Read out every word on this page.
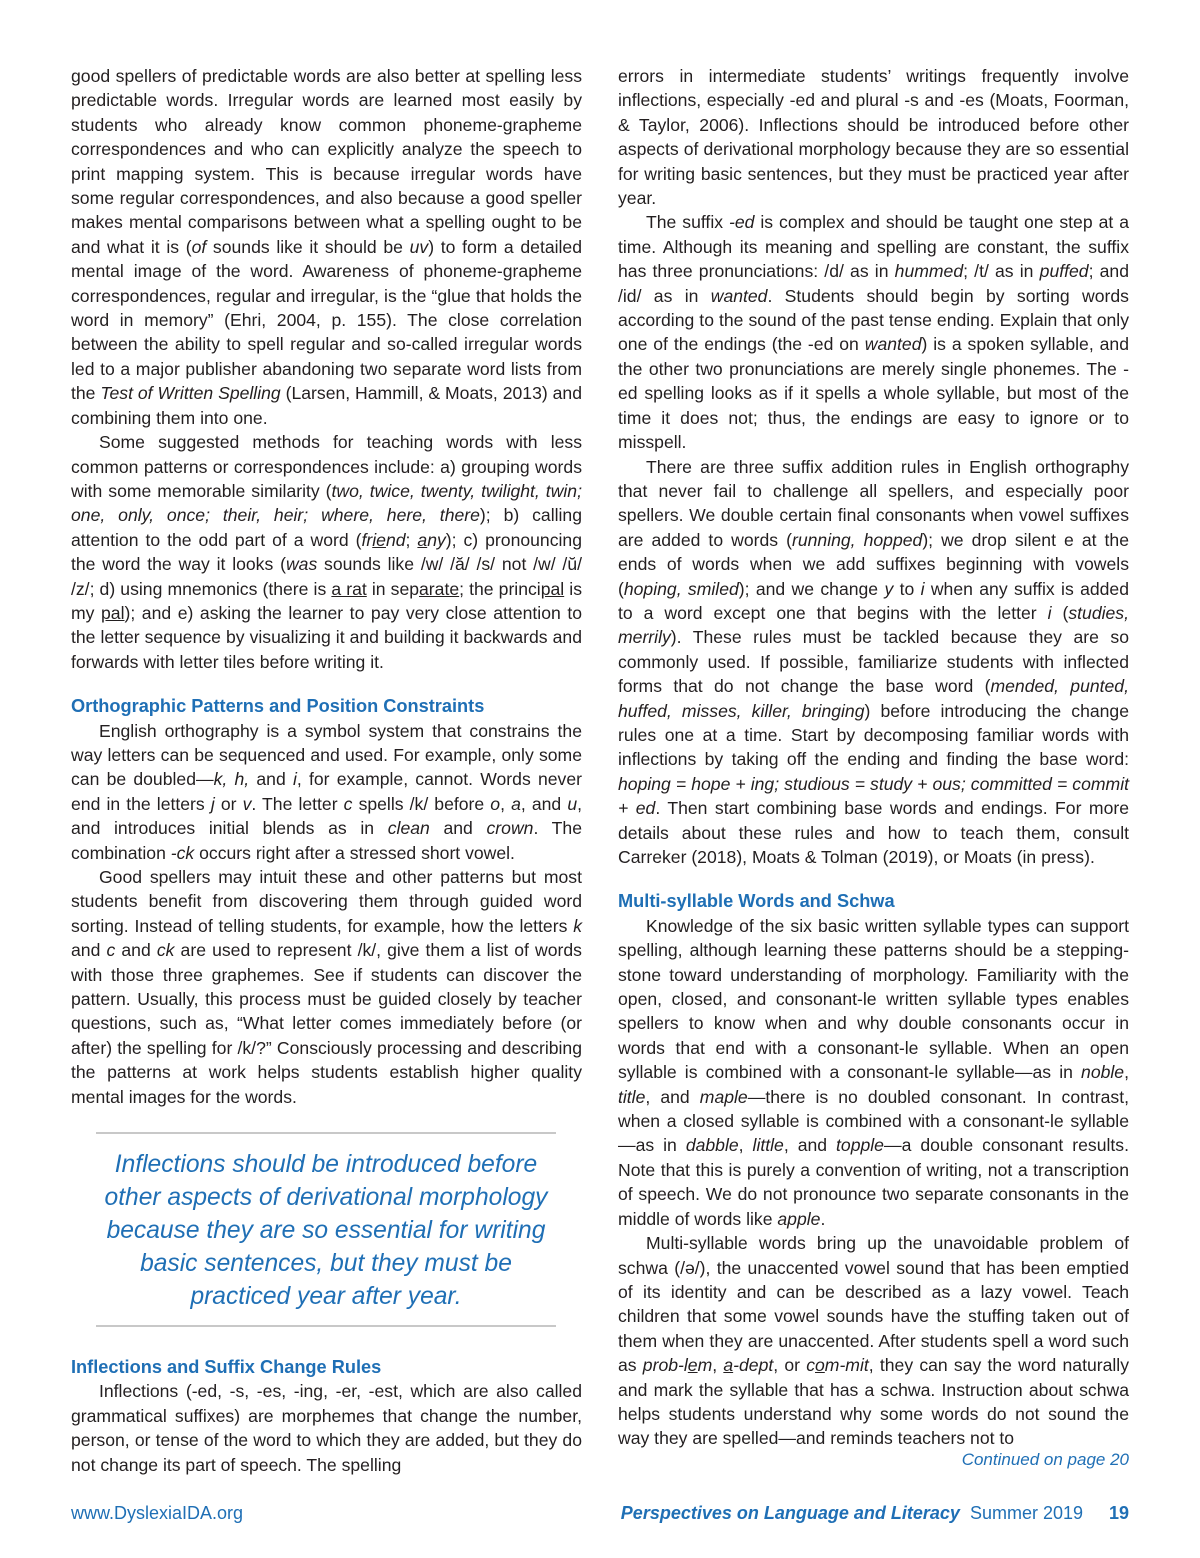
good spellers of predictable words are also better at spelling less predictable words. Irregular words are learned most easily by students who already know common phoneme-grapheme correspondences and who can explicitly analyze the speech to print mapping system. This is because irregular words have some regular correspondences, and also because a good speller makes mental comparisons between what a spelling ought to be and what it is (of sounds like it should be uv) to form a detailed mental image of the word. Awareness of phoneme-grapheme correspondences, regular and irregular, is the “glue that holds the word in memory” (Ehri, 2004, p. 155). The close correlation between the ability to spell regular and so-called irregular words led to a major publisher abandoning two separate word lists from the Test of Written Spelling (Larsen, Hammill, & Moats, 2013) and combining them into one.

Some suggested methods for teaching words with less common patterns or correspondences include: a) grouping words with some memorable similarity (two, twice, twenty, twilight, twin; one, only, once; their, heir; where, here, there); b) calling attention to the odd part of a word (friend; any); c) pronouncing the word the way it looks (was sounds like /w/ /ă/ /s/ not /w/ /ŭ/ /z/; d) using mnemonics (there is a rat in separate; the principal is my pal); and e) asking the learner to pay very close attention to the letter sequence by visualizing it and building it backwards and forwards with letter tiles before writing it.

Orthographic Patterns and Position Constraints

English orthography is a symbol system that constrains the way letters can be sequenced and used. For example, only some can be doubled—k, h, and i, for example, cannot. Words never end in the letters j or v. The letter c spells /k/ before o, a, and u, and introduces initial blends as in clean and crown. The combination -ck occurs right after a stressed short vowel.

Good spellers may intuit these and other patterns but most students benefit from discovering them through guided word sorting. Instead of telling students, for example, how the letters k and c and ck are used to represent /k/, give them a list of words with those three graphemes. See if students can discover the pattern. Usually, this process must be guided closely by teacher questions, such as, “What letter comes immediately before (or after) the spelling for /k/?” Consciously processing and describing the patterns at work helps students establish higher quality mental images for the words.

Inflections should be introduced before other aspects of derivational morphology because they are so essential for writing basic sentences, but they must be practiced year after year.

Inflections and Suffix Change Rules

Inflections (-ed, -s, -es, -ing, -er, -est, which are also called grammatical suffixes) are morphemes that change the number, person, or tense of the word to which they are added, but they do not change its part of speech. The spelling

errors in intermediate students’ writings frequently involve inflections, especially -ed and plural -s and -es (Moats, Foorman, & Taylor, 2006). Inflections should be introduced before other aspects of derivational morphology because they are so essential for writing basic sentences, but they must be practiced year after year.

The suffix -ed is complex and should be taught one step at a time. Although its meaning and spelling are constant, the suffix has three pronunciations: /d/ as in hummed; /t/ as in puffed; and /id/ as in wanted. Students should begin by sorting words according to the sound of the past tense ending. Explain that only one of the endings (the -ed on wanted) is a spoken syllable, and the other two pronunciations are merely single phonemes. The -ed spelling looks as if it spells a whole syllable, but most of the time it does not; thus, the endings are easy to ignore or to misspell.

There are three suffix addition rules in English orthography that never fail to challenge all spellers, and especially poor spellers. We double certain final consonants when vowel suffixes are added to words (running, hopped); we drop silent e at the ends of words when we add suffixes beginning with vowels (hoping, smiled); and we change y to i when any suffix is added to a word except one that begins with the letter i (studies, merrily). These rules must be tackled because they are so commonly used. If possible, familiarize students with inflected forms that do not change the base word (mended, punted, huffed, misses, killer, bringing) before introducing the change rules one at a time. Start by decomposing familiar words with inflections by taking off the ending and finding the base word: hoping = hope + ing; studious = study + ous; committed = commit + ed. Then start combining base words and endings. For more details about these rules and how to teach them, consult Carreker (2018), Moats & Tolman (2019), or Moats (in press).

Multi-syllable Words and Schwa

Knowledge of the six basic written syllable types can support spelling, although learning these patterns should be a stepping-stone toward understanding of morphology. Familiarity with the open, closed, and consonant-le written syllable types enables spellers to know when and why double consonants occur in words that end with a consonant-le syllable. When an open syllable is combined with a consonant-le syllable—as in noble, title, and maple—there is no doubled consonant. In contrast, when a closed syllable is combined with a consonant-le syllable—as in dabble, little, and topple—a double consonant results. Note that this is purely a convention of writing, not a transcription of speech. We do not pronounce two separate consonants in the middle of words like apple.

Multi-syllable words bring up the unavoidable problem of schwa (/ə/), the unaccented vowel sound that has been emptied of its identity and can be described as a lazy vowel. Teach children that some vowel sounds have the stuffing taken out of them when they are unaccented. After students spell a word such as prob-lem, a-dept, or com-mit, they can say the word naturally and mark the syllable that has a schwa. Instruction about schwa helps students understand why some words do not sound the way they are spelled—and reminds teachers not to

Continued on page 20
www.DyslexiaIDA.org	Perspectives on Language and Literacy Summer 2019 19
